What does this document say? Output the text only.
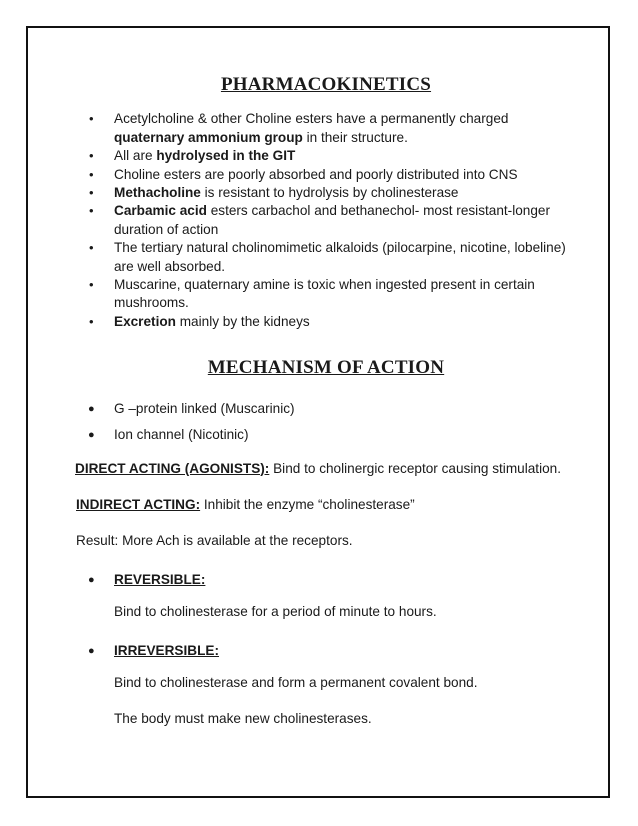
PHARMACOKINETICS
• Acetylcholine & other Choline esters have a permanently charged quaternary ammonium group in their structure.
• All are hydrolysed in the GIT
• Choline esters are poorly absorbed and poorly distributed into CNS
• Methacholine is resistant to hydrolysis by cholinesterase
• Carbamic acid esters carbachol and bethanechol- most resistant-longer duration of action
• The tertiary natural cholinomimetic alkaloids (pilocarpine, nicotine, lobeline) are well absorbed.
• Muscarine, quaternary amine is toxic when ingested present in certain mushrooms.
• Excretion mainly by the kidneys
MECHANISM OF ACTION
● G –protein linked (Muscarinic)
● Ion channel (Nicotinic)

DIRECT ACTING (AGONISTS): Bind to cholinergic receptor causing stimulation.

INDIRECT ACTING: Inhibit the enzyme “cholinesterase”

Result: More Ach is available at the receptors.

● REVERSIBLE:

Bind to cholinesterase for a period of minute to hours.

● IRREVERSIBLE:

Bind to cholinesterase and form a permanent covalent bond.

The body must make new cholinesterases.
